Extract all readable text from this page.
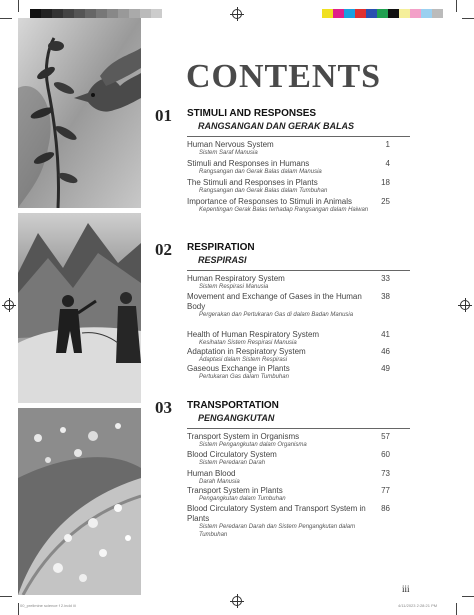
CONTENTS
01 STIMULI AND RESPONSES
RANGSANGAN DAN GERAK BALAS
Human Nervous System
Sistem Saraf Manusia
1
Stimuli and Responses in Humans
Rangsangan dan Gerak Balas dalam Manusia
4
The Stimuli and Responses in Plants
Rangsangan dan Gerak Balas dalam Tumbuhan
18
Importance of Responses to Stimuli in Animals
Kepentingan Gerak Balas terhadap Rangsangan dalam Haiwan
25
02 RESPIRATION
RESPIRASI
Human Respiratory System
Sistem Respirasi Manusia
33
Movement and Exchange of Gases in the Human Body
Pergerakan dan Pertukaran Gas di dalam Badan Manusia
38
Health of Human Respiratory System
Kesihatan Sistem Respirasi Manusia
41
Adaptation in Respiratory System
Adaptasi dalam Sistem Respirasi
46
Gaseous Exchange in Plants
Pertukaran Gas dalam Tumbuhan
49
03 TRANSPORTATION
PENGANGKUTAN
Transport System in Organisms
Sistem Pengangkutan dalam Organisma
57
Blood Circulatory System
Sistem Peredaran Darah
60
Human Blood
Darah Manusia
73
Transport System in Plants
Pengangkutan dalam Tumbuhan
77
Blood Circulatory System and Transport System in Plants
Sistem Peredaran Darah dan Sistem Pengangkutan dalam Tumbuhan
86
iii
00_prelimine science f 2.indd iii	4/11/2023 2:28:21 PM
